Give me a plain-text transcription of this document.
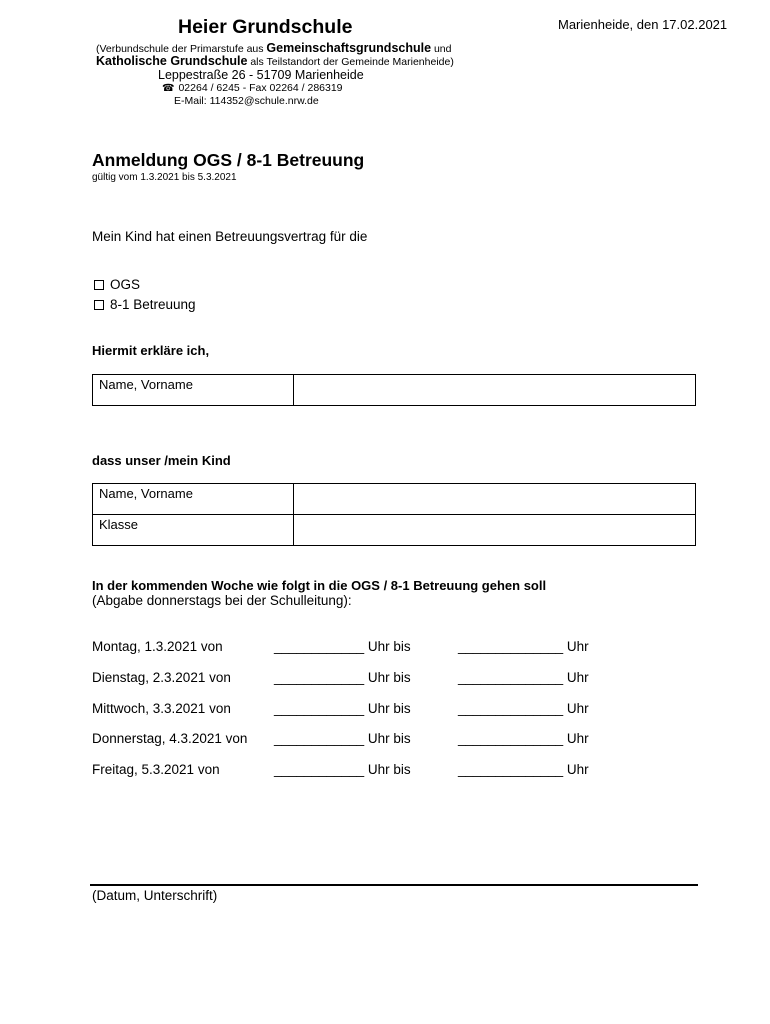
Heier Grundschule	Marienheide, den 17.02.2021
(Verbundschule der Primarstufe aus Gemeinschaftsgrundschule und
Katholische Grundschule als Teilstandort der Gemeinde Marienheide)
Leppestraße 26 - 51709 Marienheide
☎ 02264 / 6245 - Fax 02264 / 286319
E-Mail: 114352@schule.nrw.de
Anmeldung OGS / 8-1 Betreuung
gültig vom 1.3.2021 bis 5.3.2021
Mein Kind hat einen Betreuungsvertrag für die
OGS
8-1 Betreuung
Hiermit erkläre ich,
Name, Vorname	
dass unser /mein Kind
Name, Vorname	
Klasse	
In der kommenden Woche wie folgt in die OGS / 8-1 Betreuung gehen soll
(Abgabe donnerstags bei der Schulleitung):
Montag, 1.3.2021 von	____________ Uhr bis	______________ Uhr
Dienstag, 2.3.2021 von	____________ Uhr bis	______________ Uhr
Mittwoch, 3.3.2021 von	____________ Uhr bis	______________ Uhr
Donnerstag, 4.3.2021 von ____________ Uhr bis	______________ Uhr
Freitag, 5.3.2021 von	____________ Uhr bis	______________ Uhr
(Datum, Unterschrift)
